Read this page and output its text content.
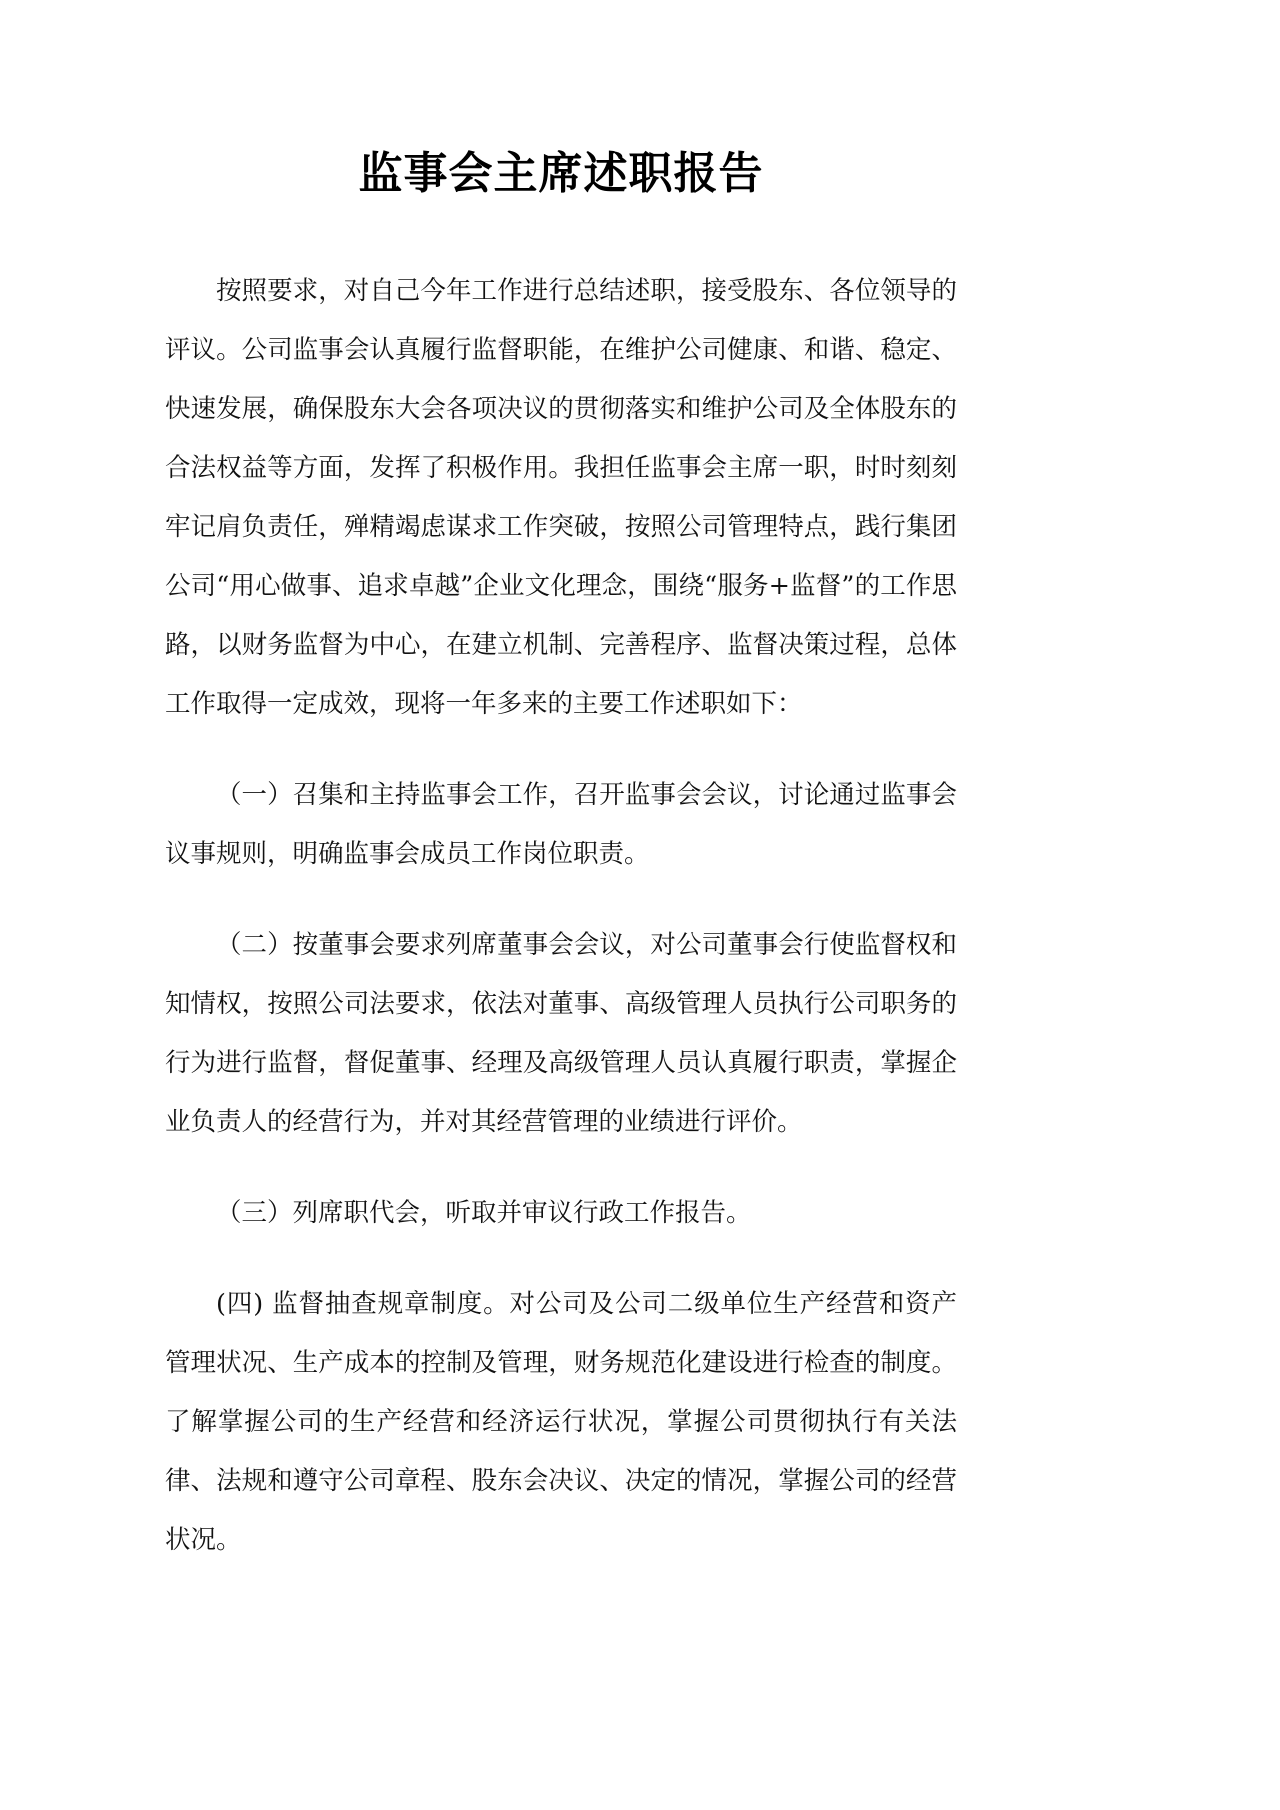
监事会主席述职报告

按照要求，对自己今年工作进行总结述职，接受股东、各位领导的评议。公司监事会认真履行监督职能，在维护公司健康、和谐、稳定、快速发展，确保股东大会各项决议的贯彻落实和维护公司及全体股东的合法权益等方面，发挥了积极作用。我担任监事会主席一职，时时刻刻牢记肩负责任，殚精竭虑谋求工作突破，按照公司管理特点，践行集团公司“用心做事、追求卓越”企业文化理念，围绕“服务+监督”的工作思路，以财务监督为中心，在建立机制、完善程序、监督决策过程，总体工作取得一定成效，现将一年多来的主要工作述职如下：

（一）召集和主持监事会工作，召开监事会会议，讨论通过监事会议事规则，明确监事会成员工作岗位职责。

（二）按董事会要求列席董事会会议，对公司董事会行使监督权和知情权，按照公司法要求，依法对董事、高级管理人员执行公司职务的行为进行监督，督促董事、经理及高级管理人员认真履行职责，掌握企业负责人的经营行为，并对其经营管理的业绩进行评价。

（三）列席职代会，听取并审议行政工作报告。

(四) 监督抽查规章制度。对公司及公司二级单位生产经营和资产管理状况、生产成本的控制及管理，财务规范化建设进行检查的制度。了解掌握公司的生产经营和经济运行状况，掌握公司贯彻执行有关法律、法规和遵守公司章程、股东会决议、决定的情况，掌握公司的经营状况。
